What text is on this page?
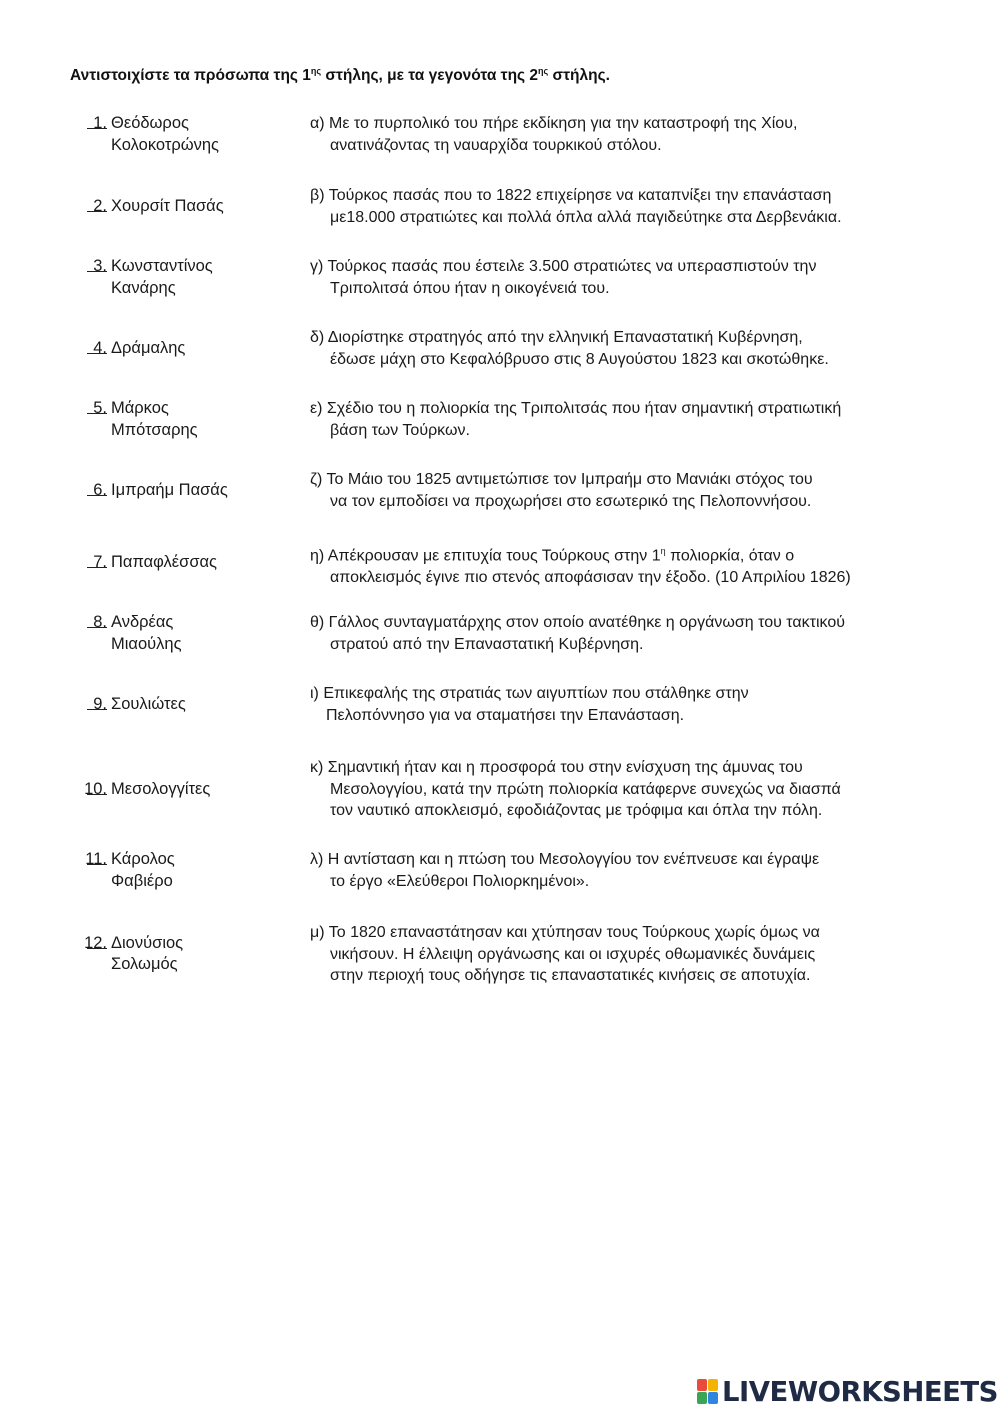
Αντιστοιχίστε τα πρόσωπα της $1^{\eta\varsigma}$ στήλης, με τα γεγονότα της $2^{\eta\varsigma}$ στήλης.
1. Θεόδωρος
Κολοκοτρώνης
α) Με το πυρπολικό του πήρε εκδίκηση για την καταστροφή της Χίου,
ανατινάζοντας τη ναυαρχίδα τουρκικού στόλου.
2. Χουρσίτ Πασάς
β) Τούρκος πασάς που το 1822 επιχείρησε να καταπνίξει την επανάσταση
με18.000 στρατιώτες και πολλά όπλα αλλά παγιδεύτηκε στα Δερβενάκια.
3. Κωνσταντίνος
Κανάρης
γ) Τούρκος πασάς που έστειλε 3.500 στρατιώτες να υπερασπιστούν την
Τριπολιτσά όπου ήταν η οικογένειά του.
4. Δράμαλης
δ) Διορίστηκε στρατηγός από την ελληνική Επαναστατική Κυβέρνηση,
έδωσε μάχη στο Κεφαλόβρυσο στις 8 Αυγούστου 1823 και σκοτώθηκε.
5. Μάρκος
Μπότσαρης
ε) Σχέδιο του η πολιορκία της Τριπολιτσάς που ήταν σημαντική στρατιωτική
βάση των Τούρκων.
6. Ιμπραήμ Πασάς
ζ) Το Μάιο του 1825 αντιμετώπισε τον Ιμπραήμ στο Μανιάκι στόχος του
να τον εμποδίσει να προχωρήσει στο εσωτερικό της Πελοποννήσου.
7. Παπαφλέσσας	η) Απέκρουσαν με επιτυχία τους Τούρκους στην $1^\eta$ πολιορκία, όταν ο
αποκλεισμός έγινε πιο στενός αποφάσισαν την έξοδο. (10 Απριλίου 1826)
8. Ανδρέας
Μιαούλης
θ) Γάλλος συνταγματάρχης στον οποίο ανατέθηκε η οργάνωση του τακτικού
στρατού από την Επαναστατική Κυβέρνηση.
9. Σουλιώτες
ι) Επικεφαλής της στρατιάς των αιγυπτίων που στάλθηκε στην
Πελοπόννησο για να σταματήσει την Επανάσταση.
10. Μεσολογγίτες
κ) Σημαντική ήταν και η προσφορά του στην ενίσχυση της άμυνας του
Μεσολογγίου, κατά την πρώτη πολιορκία κατάφερνε συνεχώς να διασπά
τον ναυτικό αποκλεισμό, εφοδιάζοντας με τρόφιμα και όπλα την πόλη.
11. Κάρολος
Φαβιέρο
λ) Η αντίσταση και η πτώση του Μεσολογγίου τον ενέπνευσε και έγραψε
το έργο «Ελεύθεροι Πολιορκημένοι».
12. Διονύσιος
Σολωμός
μ) Το 1820 επαναστάτησαν και χτύπησαν τους Τούρκους χωρίς όμως να
νικήσουν. Η έλλειψη οργάνωσης και οι ισχυρές οθωμανικές δυνάμεις
στην περιοχή τους οδήγησε τις επαναστατικές κινήσεις σε αποτυχία.
LIVEWORKSHEETS
